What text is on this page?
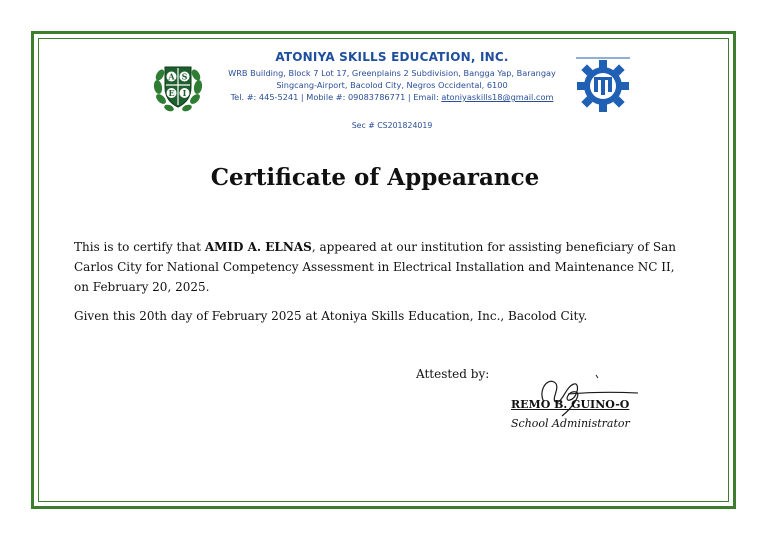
A S
E I
ATONIYA SKILLS EDUCATION, INC.
WRB Building, Block 7 Lot 17, Greenplains 2 Subdivision, Bangga Yap, Barangay
Singcang-Airport, Bacolod City, Negros Occidental, 6100
Tel. #: 445-5241 | Mobile #: 09083786771 | Email: atoniyaskills18@gmail.com
Sec # CS201824019
Certificate of Appearance
This is to certify that AMID A. ELNAS, appeared at our institution for assisting beneficiary of San Carlos City for National Competency Assessment in Electrical Installation and Maintenance NC II, on February 20, 2025.
Given this 20th day of February 2025 at Atoniya Skills Education, Inc., Bacolod City.
Attested by:
REMO B. GUINO-O
School Administrator
